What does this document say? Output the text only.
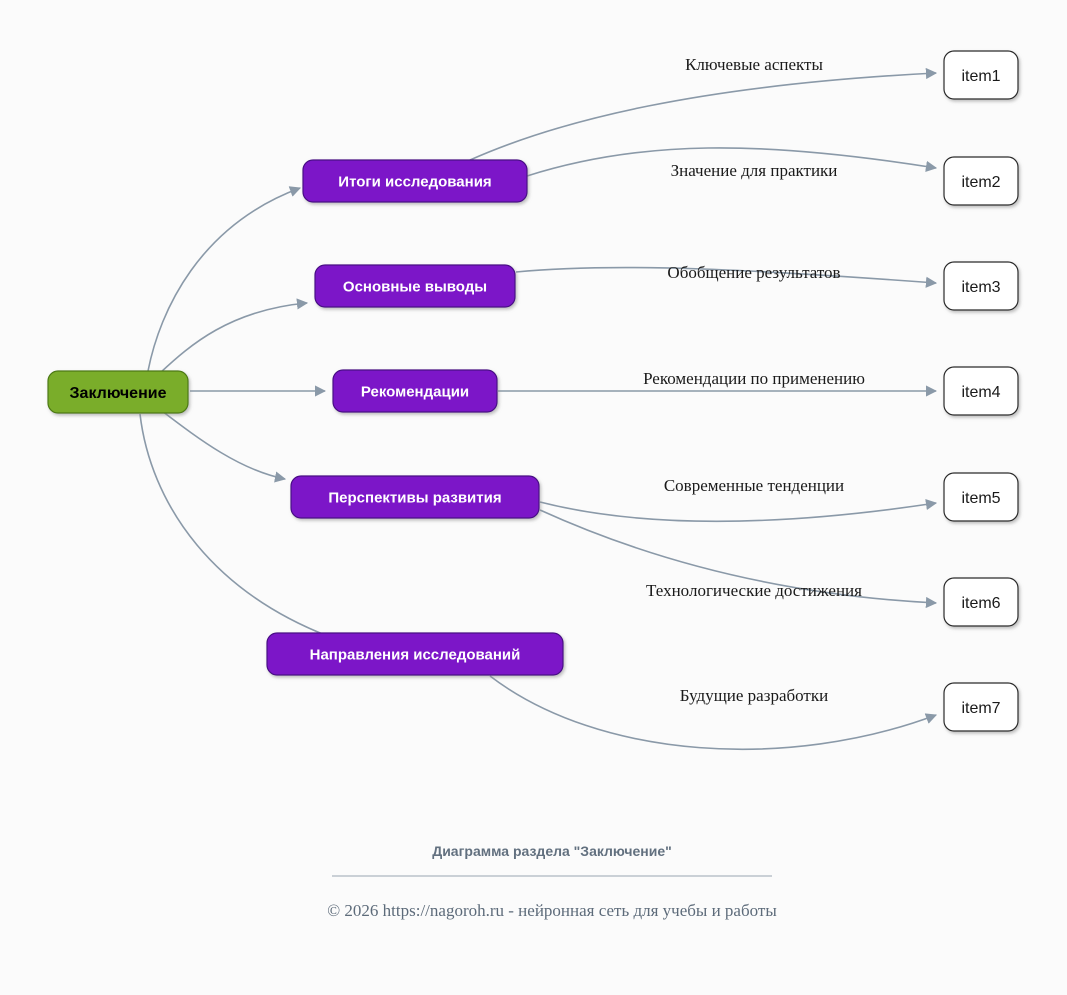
Ключевые аспекты
Значение для практики
Обобщение результатов
Рекомендации по применению
Современные тенденции
Технологические достижения
Будущие разработки
Заключение
Итоги исследования
Основные выводы
Рекомендации
Перспективы развития
Направления исследований
item1
item2
item3
item4
item5
item6
item7
Диаграмма раздела "Заключение"
© 2026 https://nagoroh.ru - нейронная сеть для учебы и работы
